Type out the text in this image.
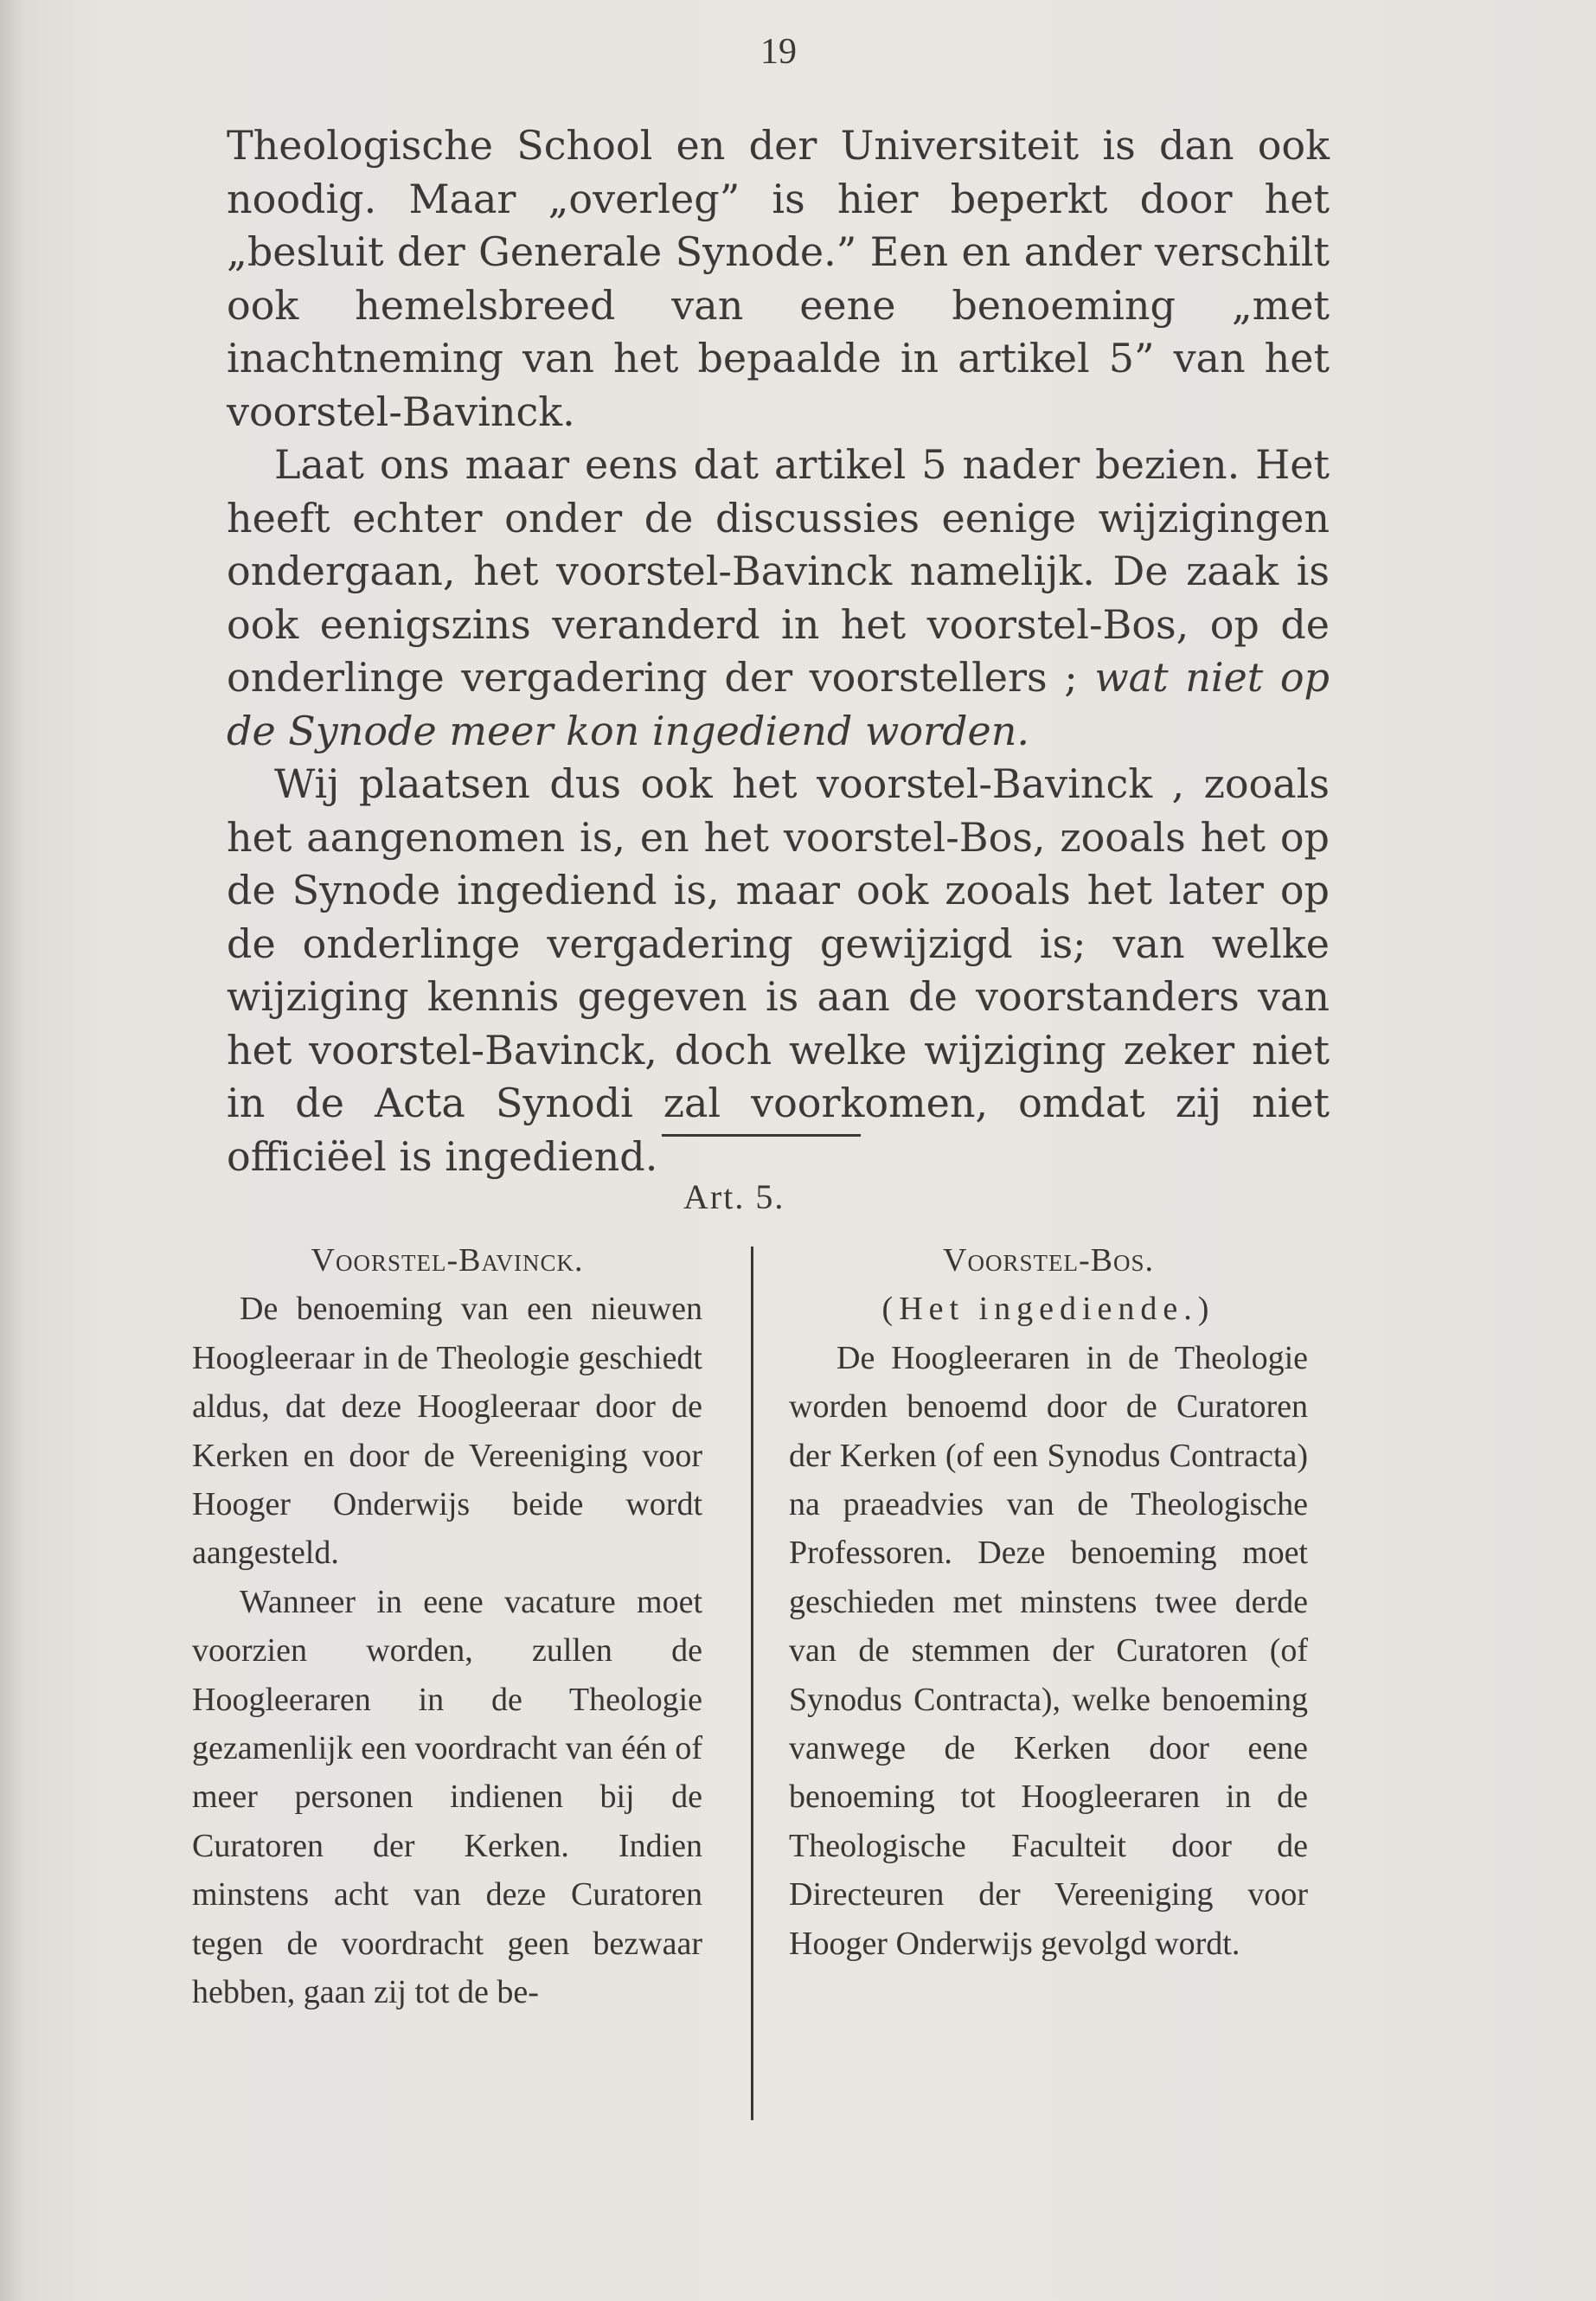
19

Theologische School en der Universiteit is dan ook noodig. Maar „overleg” is hier beperkt door het „besluit der Generale Synode.” Een en ander verschilt ook hemelsbreed van eene benoeming „met inachtneming van het bepaalde in artikel 5” van het voorstel-Bavinck.

Laat ons maar eens dat artikel 5 nader bezien. Het heeft echter onder de discussies eenige wijzigingen ondergaan, het voorstel-Bavinck namelijk. De zaak is ook eenigszins veranderd in het voorstel-Bos, op de onderlinge vergadering der voorstellers ; wat niet op de Synode meer kon ingediend worden.

Wij plaatsen dus ook het voorstel-Bavinck , zooals het aangenomen is, en het voorstel-Bos, zooals het op de Synode ingediend is, maar ook zooals het later op de onderlinge vergadering gewijzigd is; van welke wijziging kennis gegeven is aan de voorstanders van het voorstel-Bavinck, doch welke wijziging zeker niet in de Acta Synodi zal voorkomen, omdat zij niet officiëel is ingediend.

Art. 5.
Voorstel-Bavinck.

De benoeming van een nieuwen Hoogleeraar in de Theologie geschiedt aldus, dat deze Hoogleeraar door de Kerken en door de Vereeniging voor Hooger Onderwijs beide wordt aangesteld.

Wanneer in eene vacature moet voorzien worden, zullen de Hoogleeraren in de Theologie gezamenlijk een voordracht van één of meer personen indienen bij de Curatoren der Kerken. Indien minstens acht van deze Curatoren tegen de voordracht geen bezwaar hebben, gaan zij tot de be-

Voorstel-Bos.
(Het ingediende.)

De Hoogleeraren in de Theologie worden benoemd door de Curatoren der Kerken (of een Synodus Contracta) na praeadvies van de Theologische Professoren. Deze benoeming moet geschieden met minstens twee derde van de stemmen der Curatoren (of Synodus Contracta), welke benoeming vanwege de Kerken door eene benoeming tot Hoogleeraren in de Theologische Faculteit door de Directeuren der Vereeniging voor Hooger Onderwijs gevolgd wordt.
